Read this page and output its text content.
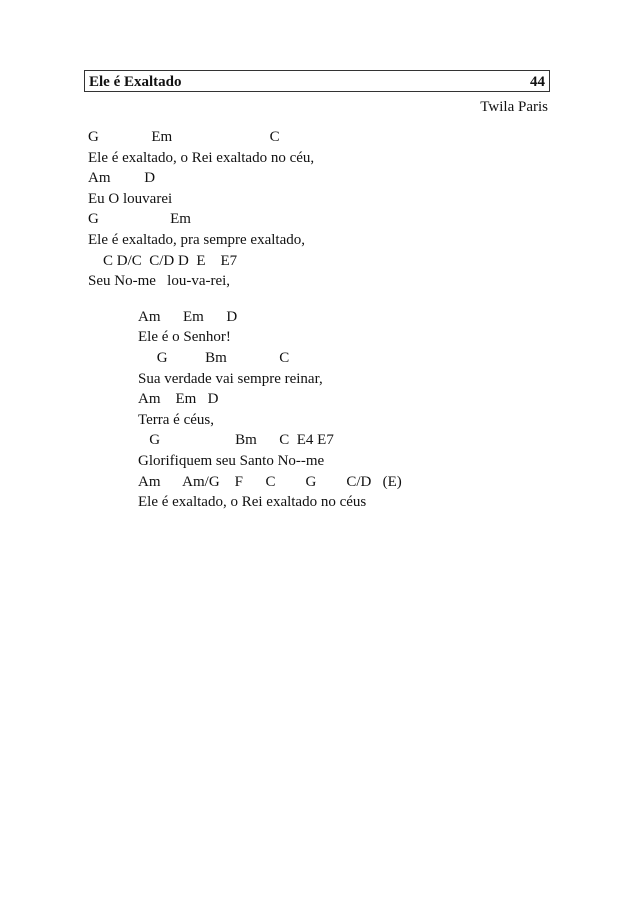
Ele é Exaltado	44
Twila Paris
G              Em                          C
Ele é exaltado, o Rei exaltado no céu,
Am         D
Eu O louvarei
G                   Em
Ele é exaltado, pra sempre exaltado,
C D/C  C/D D  E    E7
Seu No-me   lou-va-rei,
Am      Em      D
Ele é o Senhor!
G          Bm              C
Sua verdade vai sempre reinar,
Am    Em   D
Terra é céus,
G                    Bm      C  E4 E7
Glorifiquem seu Santo No--me
Am      Am/G    F      C        G        C/D   (E)
Ele é exaltado, o Rei exaltado no céus
